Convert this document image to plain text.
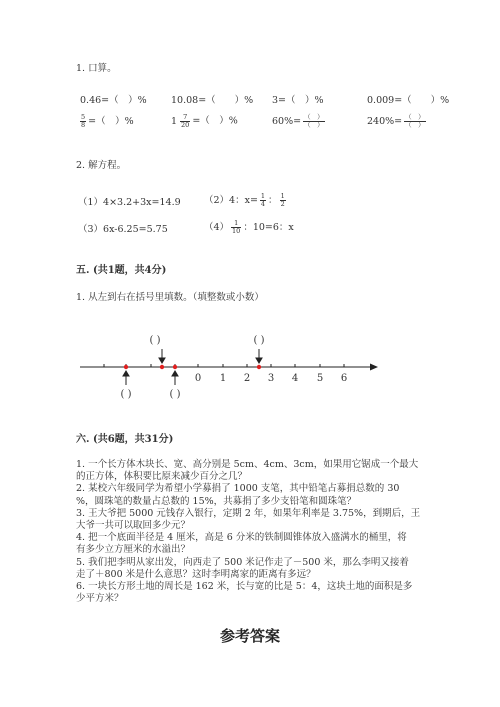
1. 口算。
0.46=（　）%	10.08=（　　）% 3=（　）%	0.009=（　　）%
$\frac{5}{8}$ =（　）%	$1 \frac{7}{20}$ =（　）%	$60\%= \frac{( )}{( )}$	$240\%= \frac{( )}{( )}$
2. 解方程。
（1）4×3.2+3x=14.9 （2）4：$x= \frac{1}{4}$ ： $\frac{1}{2}$
（3）6x-6.25=5.75	$(4) \frac{1}{10}$ ：10=6：x
五. (共1题，共4分)
1. 从左到右在括号里填数。（填整数或小数）
0 1 2 3 4 5 6
( )	( )
( )	( )
六. (共6题，共31分)
1. 一个长方体木块长、宽、高分别是 5cm、4cm、3cm，如果用它锯成一个最大
的正方体，体积要比原来减少百分之几？
2. 某校六年级同学为希望小学募捐了 1000 支笔，其中铅笔占募捐总数的 30
%，圆珠笔的数量占总数的 15%，共募捐了多少支铅笔和圆珠笔？
3. 王大爷把 5000 元钱存入银行，定期 2 年，如果年利率是 3.75%，到期后，王
大爷一共可以取回多少元？
4. 把一个底面半径是 4 厘米，高是 6 分米的铁制圆锥体放入盛满水的桶里，将
有多少立方厘米的水溢出？
5. 我们把李明从家出发，向西走了 500 米记作走了－500 米，那么李明又接着
走了＋800 米是什么意思？这时李明离家的距离有多远？
6. 一块长方形土地的周长是 162 米，长与宽的比是 5：4，这块土地的面积是多
少平方米？
参考答案
